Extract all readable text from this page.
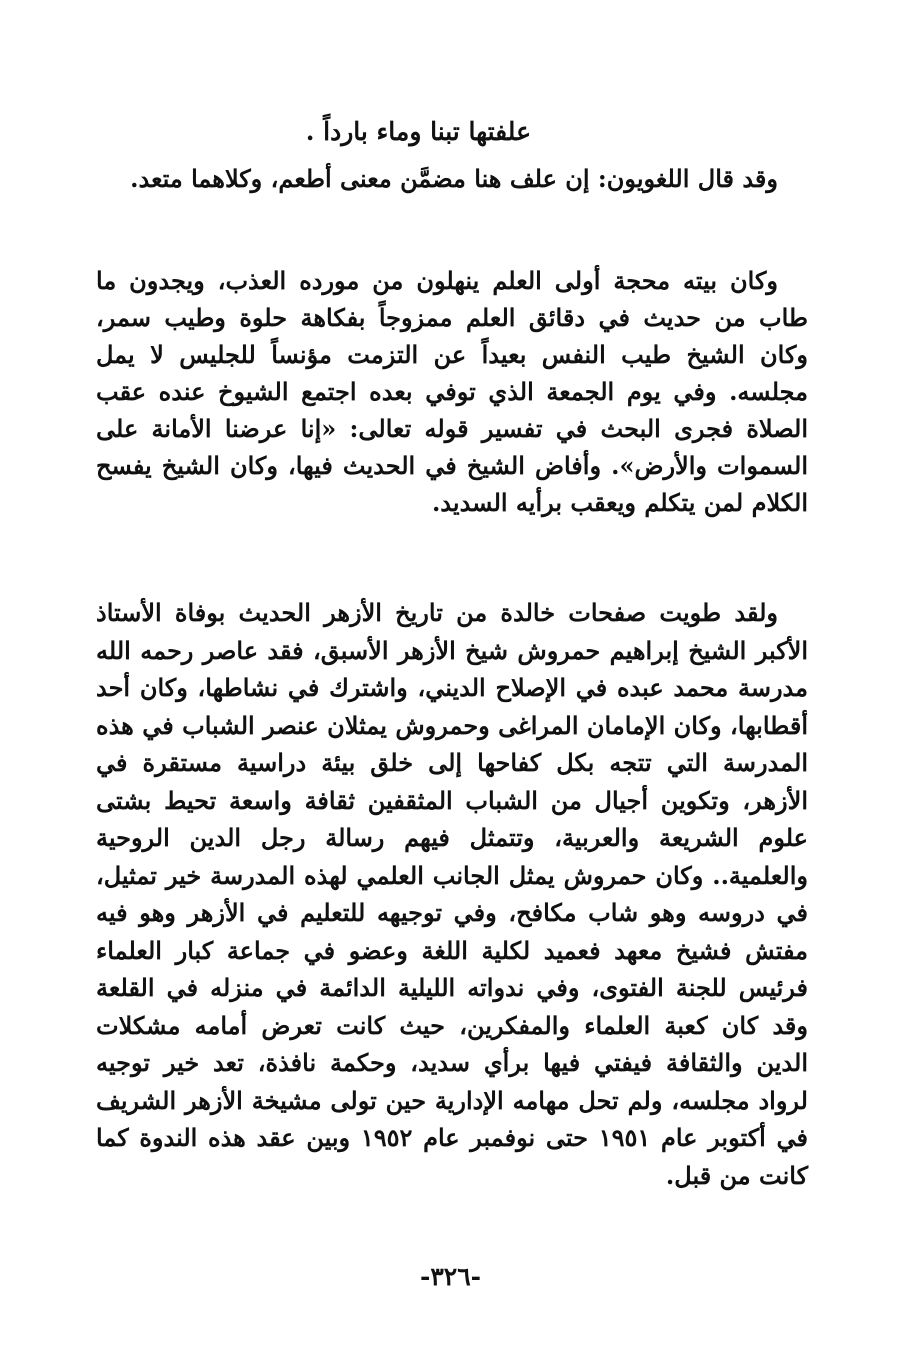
علفتها تبنا وماء بارداً .

وقد قال اللغويون: إن علف هنا مضمَّن معنى أطعم، وكلاهما متعد.

وكان بيته محجة أولى العلم ينهلون من مورده العذب، ويجدون ما طاب من حديث في دقائق العلم ممزوجاً بفكاهة حلوة وطيب سمر، وكان الشيخ طيب النفس بعيداً عن التزمت مؤنساً للجليس لا يمل مجلسه. وفي يوم الجمعة الذي توفي بعده اجتمع الشيوخ عنده عقب الصلاة فجرى البحث في تفسير قوله تعالى: «إنا عرضنا الأمانة على السموات والأرض». وأفاض الشيخ في الحديث فيها، وكان الشيخ يفسح الكلام لمن يتكلم ويعقب برأيه السديد.

ولقد طويت صفحات خالدة من تاريخ الأزهر الحديث بوفاة الأستاذ الأكبر الشيخ إبراهيم حمروش شيخ الأزهر الأسبق، فقد عاصر رحمه الله مدرسة محمد عبده في الإصلاح الديني، واشترك في نشاطها، وكان أحد أقطابها، وكان الإمامان المراغى وحمروش يمثلان عنصر الشباب في هذه المدرسة التي تتجه بكل كفاحها إلى خلق بيئة دراسية مستقرة في الأزهر، وتكوين أجيال من الشباب المثقفين ثقافة واسعة تحيط بشتى علوم الشريعة والعربية، وتتمثل فيهم رسالة رجل الدين الروحية والعلمية.. وكان حمروش يمثل الجانب العلمي لهذه المدرسة خير تمثيل، في دروسه وهو شاب مكافح، وفي توجيهه للتعليم في الأزهر وهو فيه مفتش فشيخ معهد فعميد لكلية اللغة وعضو في جماعة كبار العلماء فرئيس للجنة الفتوى، وفي ندواته الليلية الدائمة في منزله في القلعة وقد كان كعبة العلماء والمفكرين، حيث كانت تعرض أمامه مشكلات الدين والثقافة فيفتي فيها برأي سديد، وحكمة نافذة، تعد خير توجيه لرواد مجلسه، ولم تحل مهامه الإدارية حين تولى مشيخة الأزهر الشريف في أكتوبر عام ١٩٥١ حتى نوفمبر عام ١٩٥٢ وبين عقد هذه الندوة كما كانت من قبل.

-٣٢٦-
